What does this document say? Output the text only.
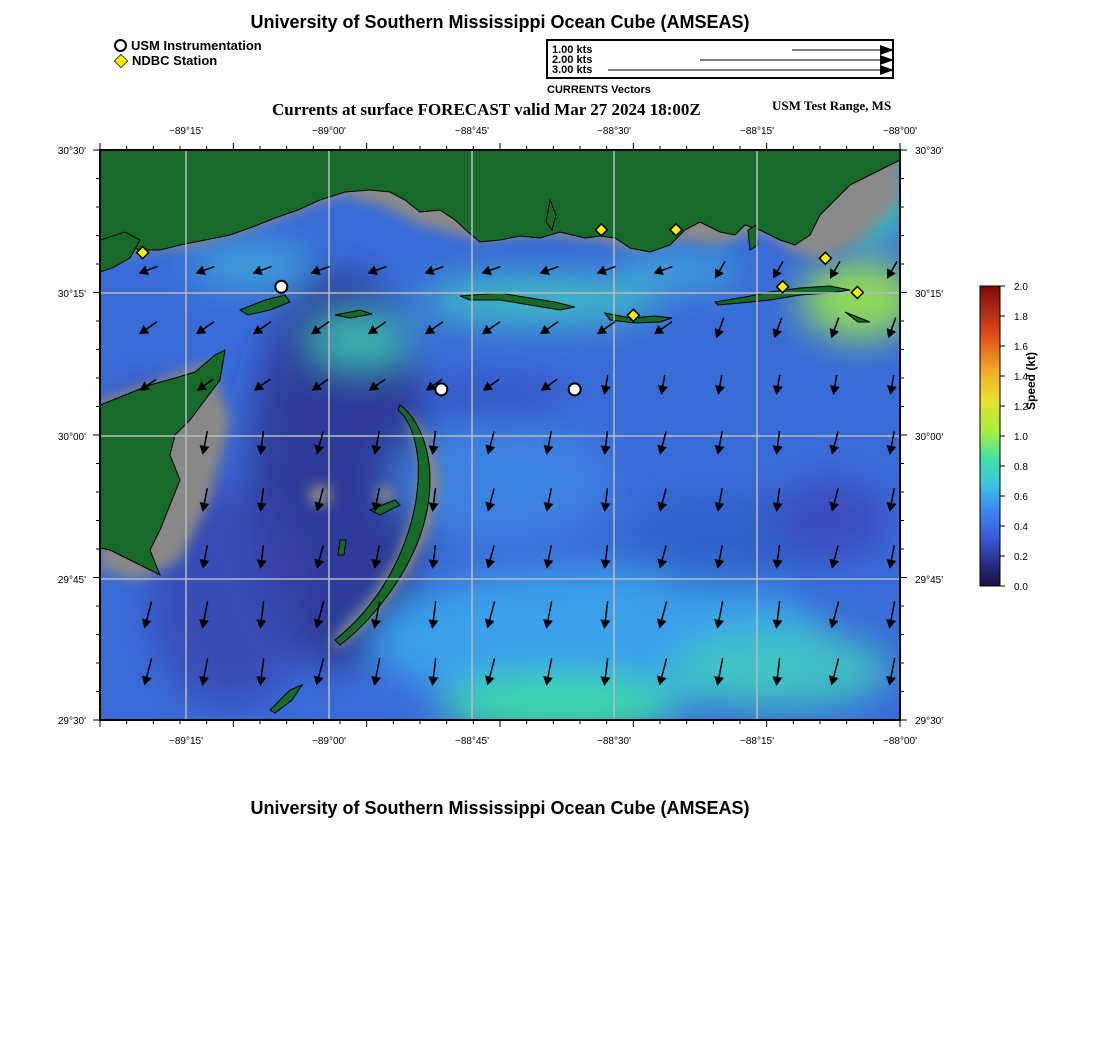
University of Southern Mississippi Ocean Cube (AMSEAS)
USM Instrumentation
NDBC Station
1.00 kts
2.00 kts
3.00 kts
CURRENTS Vectors
Currents at surface FORECAST valid Mar 27 2024 18:00Z	USM Test Range, MS
−89°15'	−89°00'	−88°45'	−88°30'	−88°15'	−88°00'
−89°15'	−89°00'	−88°45'	−88°30'	−88°15'	−88°00'
30°30'
30°15'
30°00'
29°45'
29°30'
30°30'
30°15'
30°00'
29°45'
29°30'
2.0
1.8
1.6
1.4
1.2
1.0
0.8
0.6
0.4
0.2
0.0
Speed (kt)
University of Southern Mississippi Ocean Cube (AMSEAS)
